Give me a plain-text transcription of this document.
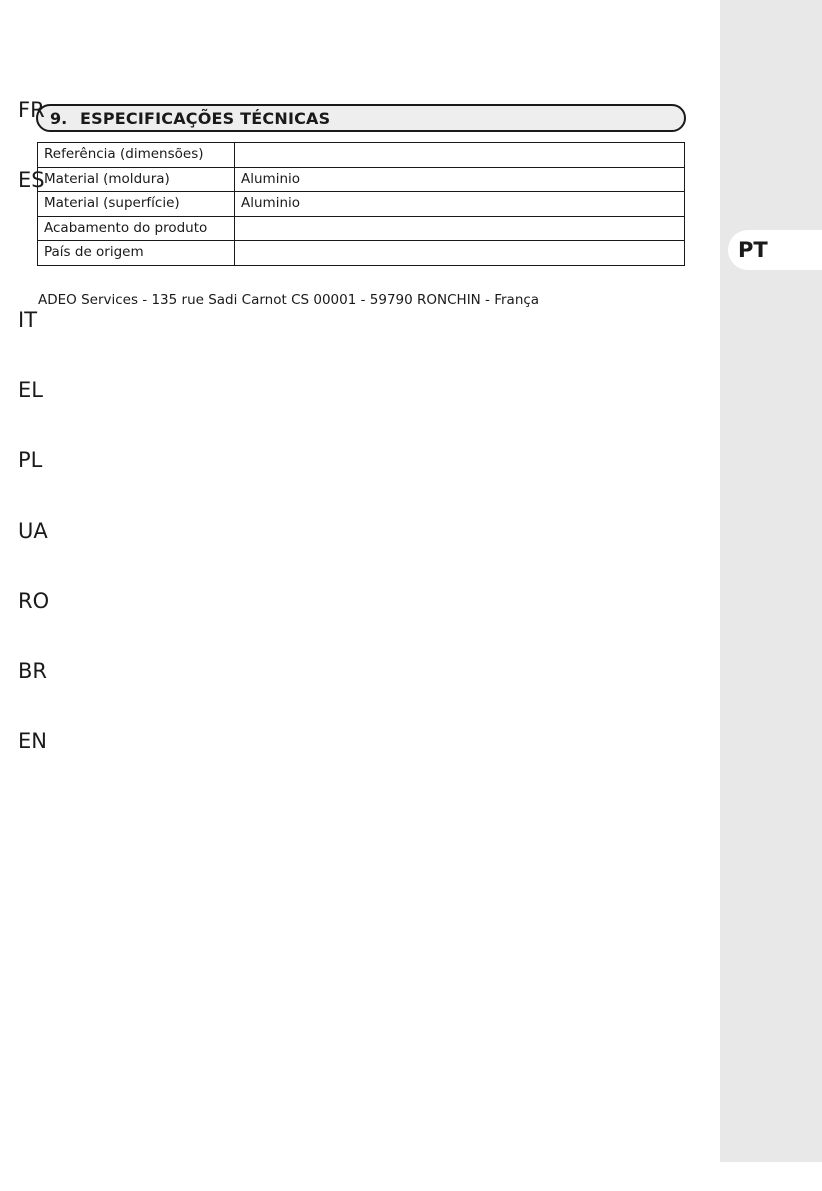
9. ESPECIFICAÇÕES TÉCNICAS
Referência (dimensões)	
Material (moldura)	Aluminio
Material (superfície)	Aluminio
Acabamento do produto	
País de origem	
ADEO Services - 135 rue Sadi Carnot CS 00001 - 59790 RONCHIN - França
FR
ES
PT
IT
EL
PL
UA
RO
BR
EN
